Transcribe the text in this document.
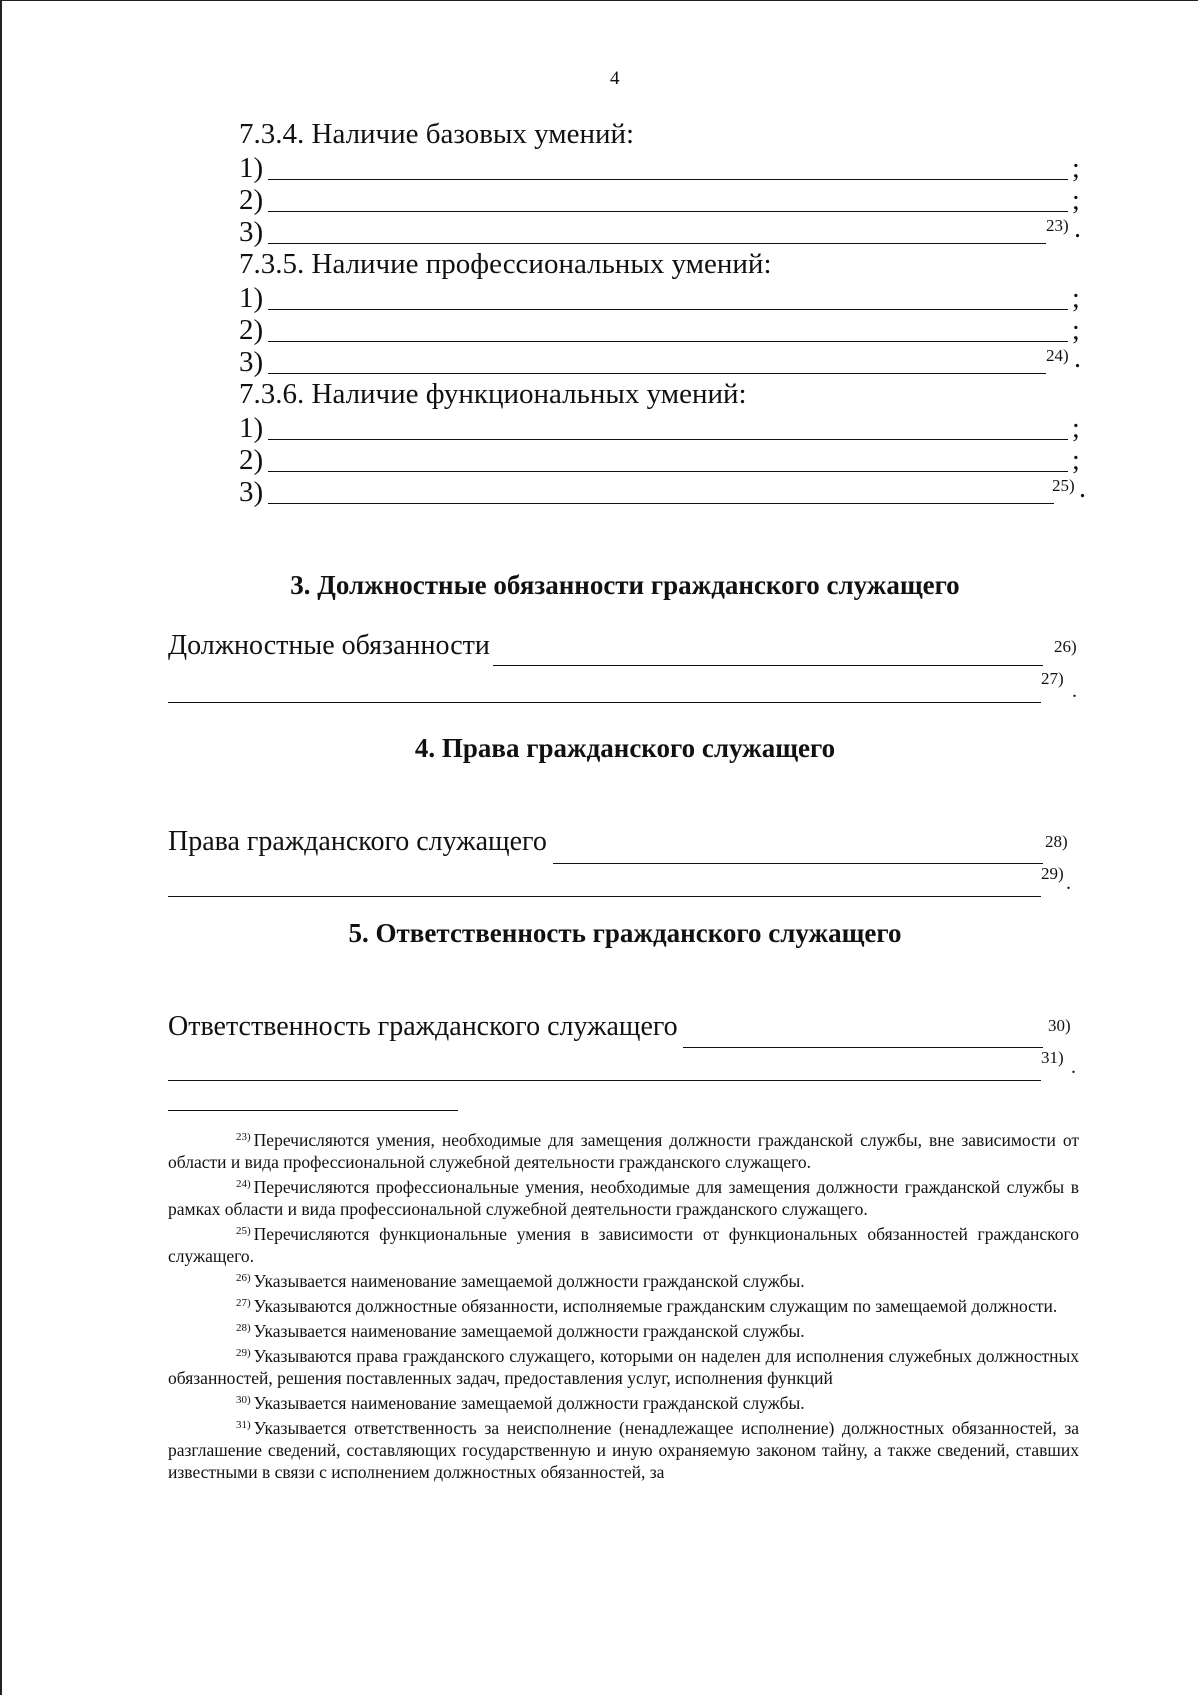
4
7.3.4. Наличие базовых умений:
1)	;
2)	;
3)	23) .
7.3.5. Наличие профессиональных умений:
1)	;
2)	;
3)	24) .
7.3.6. Наличие функциональных умений:
1)	;
2)	;
3)	25) .
3. Должностные обязанности гражданского служащего
Должностные обязанности	26)
27)
.
4. Права гражданского служащего
Права гражданского служащего	28)
29) .
5. Ответственность гражданского служащего
Ответственность гражданского служащего	30)
31) .
$^{23)}$ Перечисляются умения, необходимые для замещения должности гражданской службы, вне зависимости от области и вида профессиональной служебной деятельности гражданского служащего.
$^{24)}$ Перечисляются профессиональные умения, необходимые для замещения должности гражданской службы в рамках области и вида профессиональной служебной деятельности гражданского служащего.
$^{25)}$ Перечисляются функциональные умения в зависимости от функциональных обязанностей гражданского служащего.
$^{26)}$ Указывается наименование замещаемой должности гражданской службы.
$^{27)}$ Указываются должностные обязанности, исполняемые гражданским служащим по замещаемой должности.
$^{28)}$ Указывается наименование замещаемой должности гражданской службы.
$^{29)}$ Указываются права гражданского служащего, которыми он наделен для исполнения служебных должностных обязанностей, решения поставленных задач, предоставления услуг, исполнения функций
$^{30)}$ Указывается наименование замещаемой должности гражданской службы.
$^{31)}$ Указывается ответственность за неисполнение (ненадлежащее исполнение) должностных обязанностей, за разглашение сведений, составляющих государственную и иную охраняемую законом тайну, а также сведений, ставших известными в связи с исполнением должностных обязанностей, за
